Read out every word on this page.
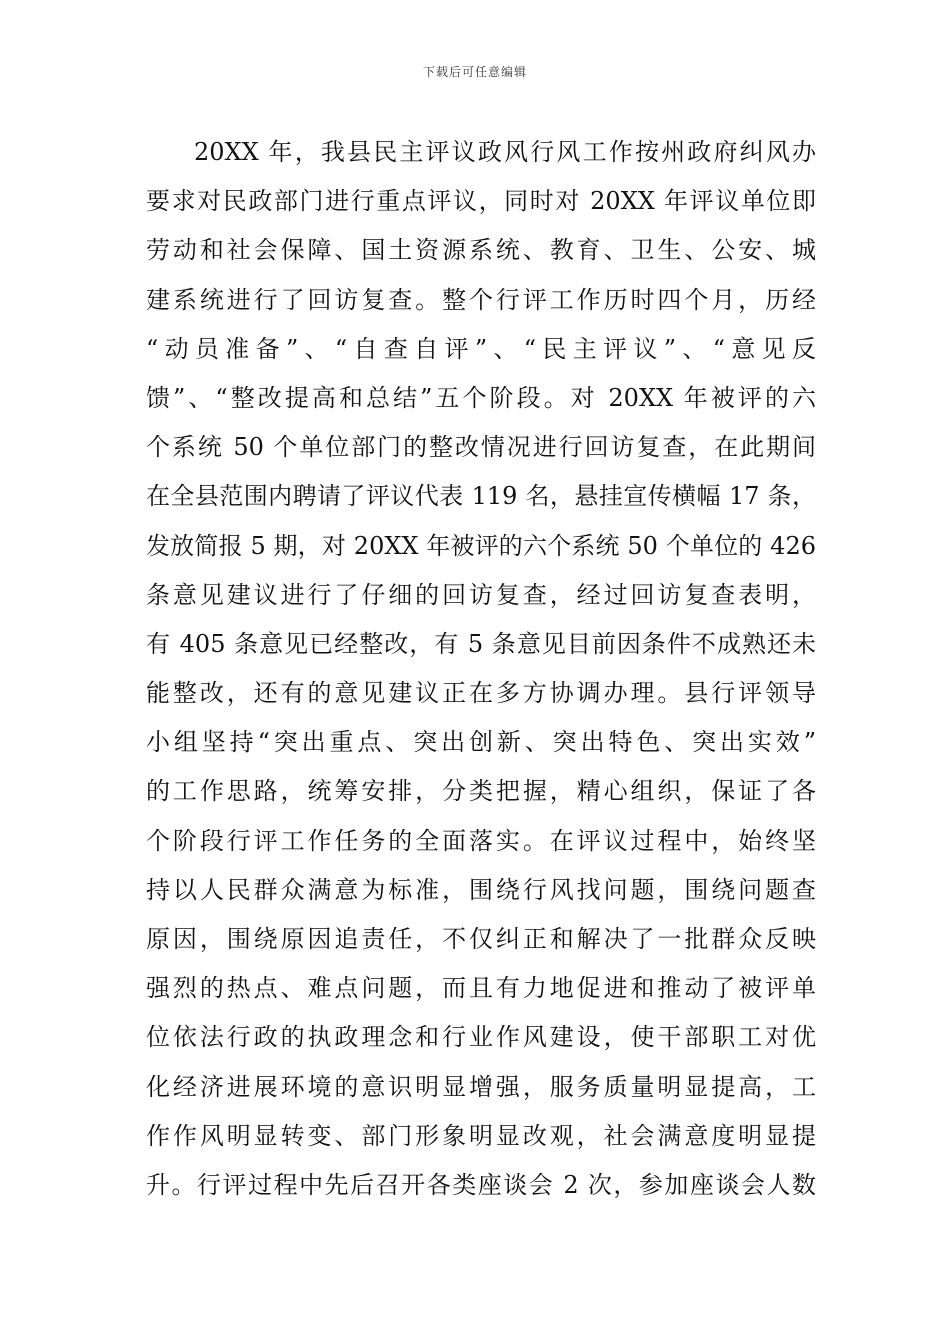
下载后可任意编辑
20XX 年，我县民主评议政风行风工作按州政府纠风办
要求对民政部门进行重点评议，同时对 20XX 年评议单位即
劳动和社会保障、国土资源系统、教育、卫生、公安、城
建系统进行了回访复查。整个行评工作历时四个月，历经
“动员准备”、“自查自评”、“民主评议”、“意见反
馈”、“整改提高和总结”五个阶段。对 20XX 年被评的六
个系统 50 个单位部门的整改情况进行回访复查，在此期间
在全县范围内聘请了评议代表 119 名，悬挂宣传横幅 17 条，
发放简报 5 期，对 20XX 年被评的六个系统 50 个单位的 426
条意见建议进行了仔细的回访复查，经过回访复查表明，
有 405 条意见已经整改，有 5 条意见目前因条件不成熟还未
能整改，还有的意见建议正在多方协调办理。县行评领导
小组坚持“突出重点、突出创新、突出特色、突出实效”
的工作思路，统筹安排，分类把握，精心组织，保证了各
个阶段行评工作任务的全面落实。在评议过程中，始终坚
持以人民群众满意为标准，围绕行风找问题，围绕问题查
原因，围绕原因追责任，不仅纠正和解决了一批群众反映
强烈的热点、难点问题，而且有力地促进和推动了被评单
位依法行政的执政理念和行业作风建设，使干部职工对优
化经济进展环境的意识明显增强，服务质量明显提高，工
作作风明显转变、部门形象明显改观，社会满意度明显提
升。行评过程中先后召开各类座谈会 2 次，参加座谈会人数
